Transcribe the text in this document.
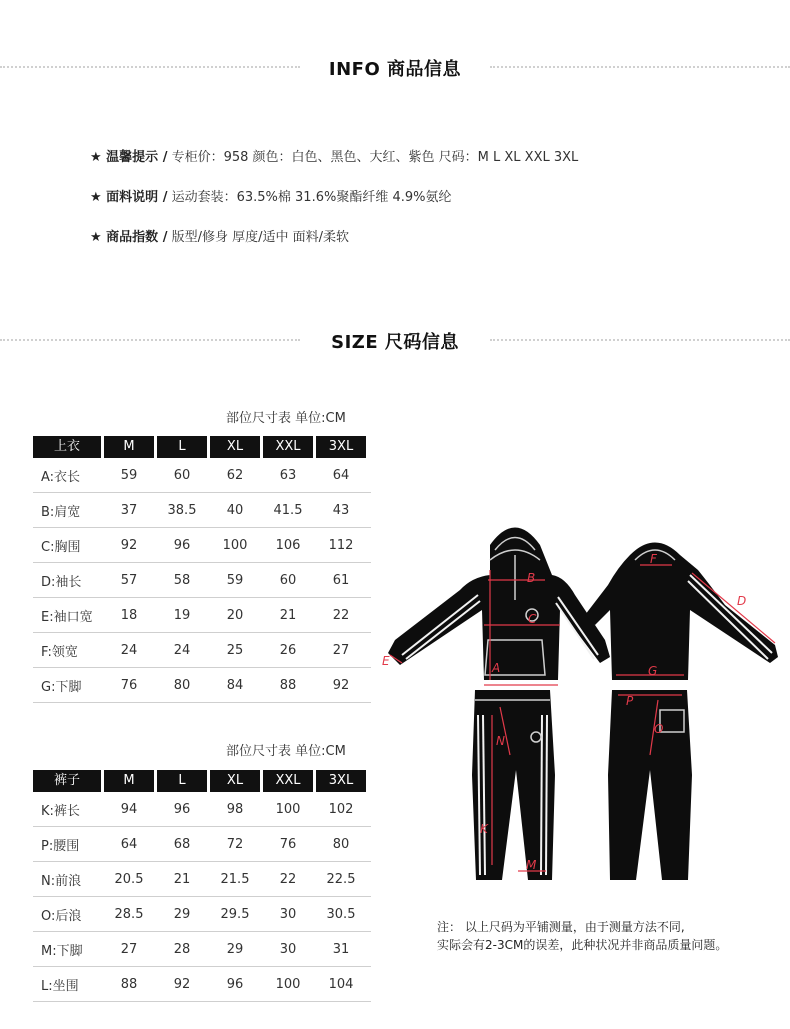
INFO 商品信息
★ 温馨提示 / 专柜价：958 颜色：白色、黑色、大红、紫色 尺码：M L XL XXL 3XL
★ 面料说明 / 运动套装：63.5%棉 31.6%聚酯纤维 4.9%氨纶
★ 商品指数 / 版型/修身 厚度/适中 面料/柔软
SIZE 尺码信息
部位尺寸表 单位:CM
上衣	M	L	XL	XXL	3XL
A:衣长	59	60	62	63	64
B:肩宽	37	38.5	40	41.5	43
C:胸围	92	96	100	106	112
D:袖长	57	58	59	60	61
E:袖口宽	18	19	20	21	22
F:领宽	24	24	25	26	27
G:下脚	76	80	84	88	92
部位尺寸表 单位:CM
裤子	M	L	XL	XXL	3XL
K:裤长	94	96	98	100	102
P:腰围	64	68	72	76	80
N:前浪	20.5	21	21.5	22	22.5
O:后浪	28.5	29	29.5	30	30.5
M:下脚	27	28	29	30	31
L:坐围	88	92	96	100	104
A
B
C
D
E
F
G
K
M
N
O
P
注： 以上尺码为平铺测量，由于测量方法不同,
实际会有2-3CM的误差，此种状况并非商品质量问题。
